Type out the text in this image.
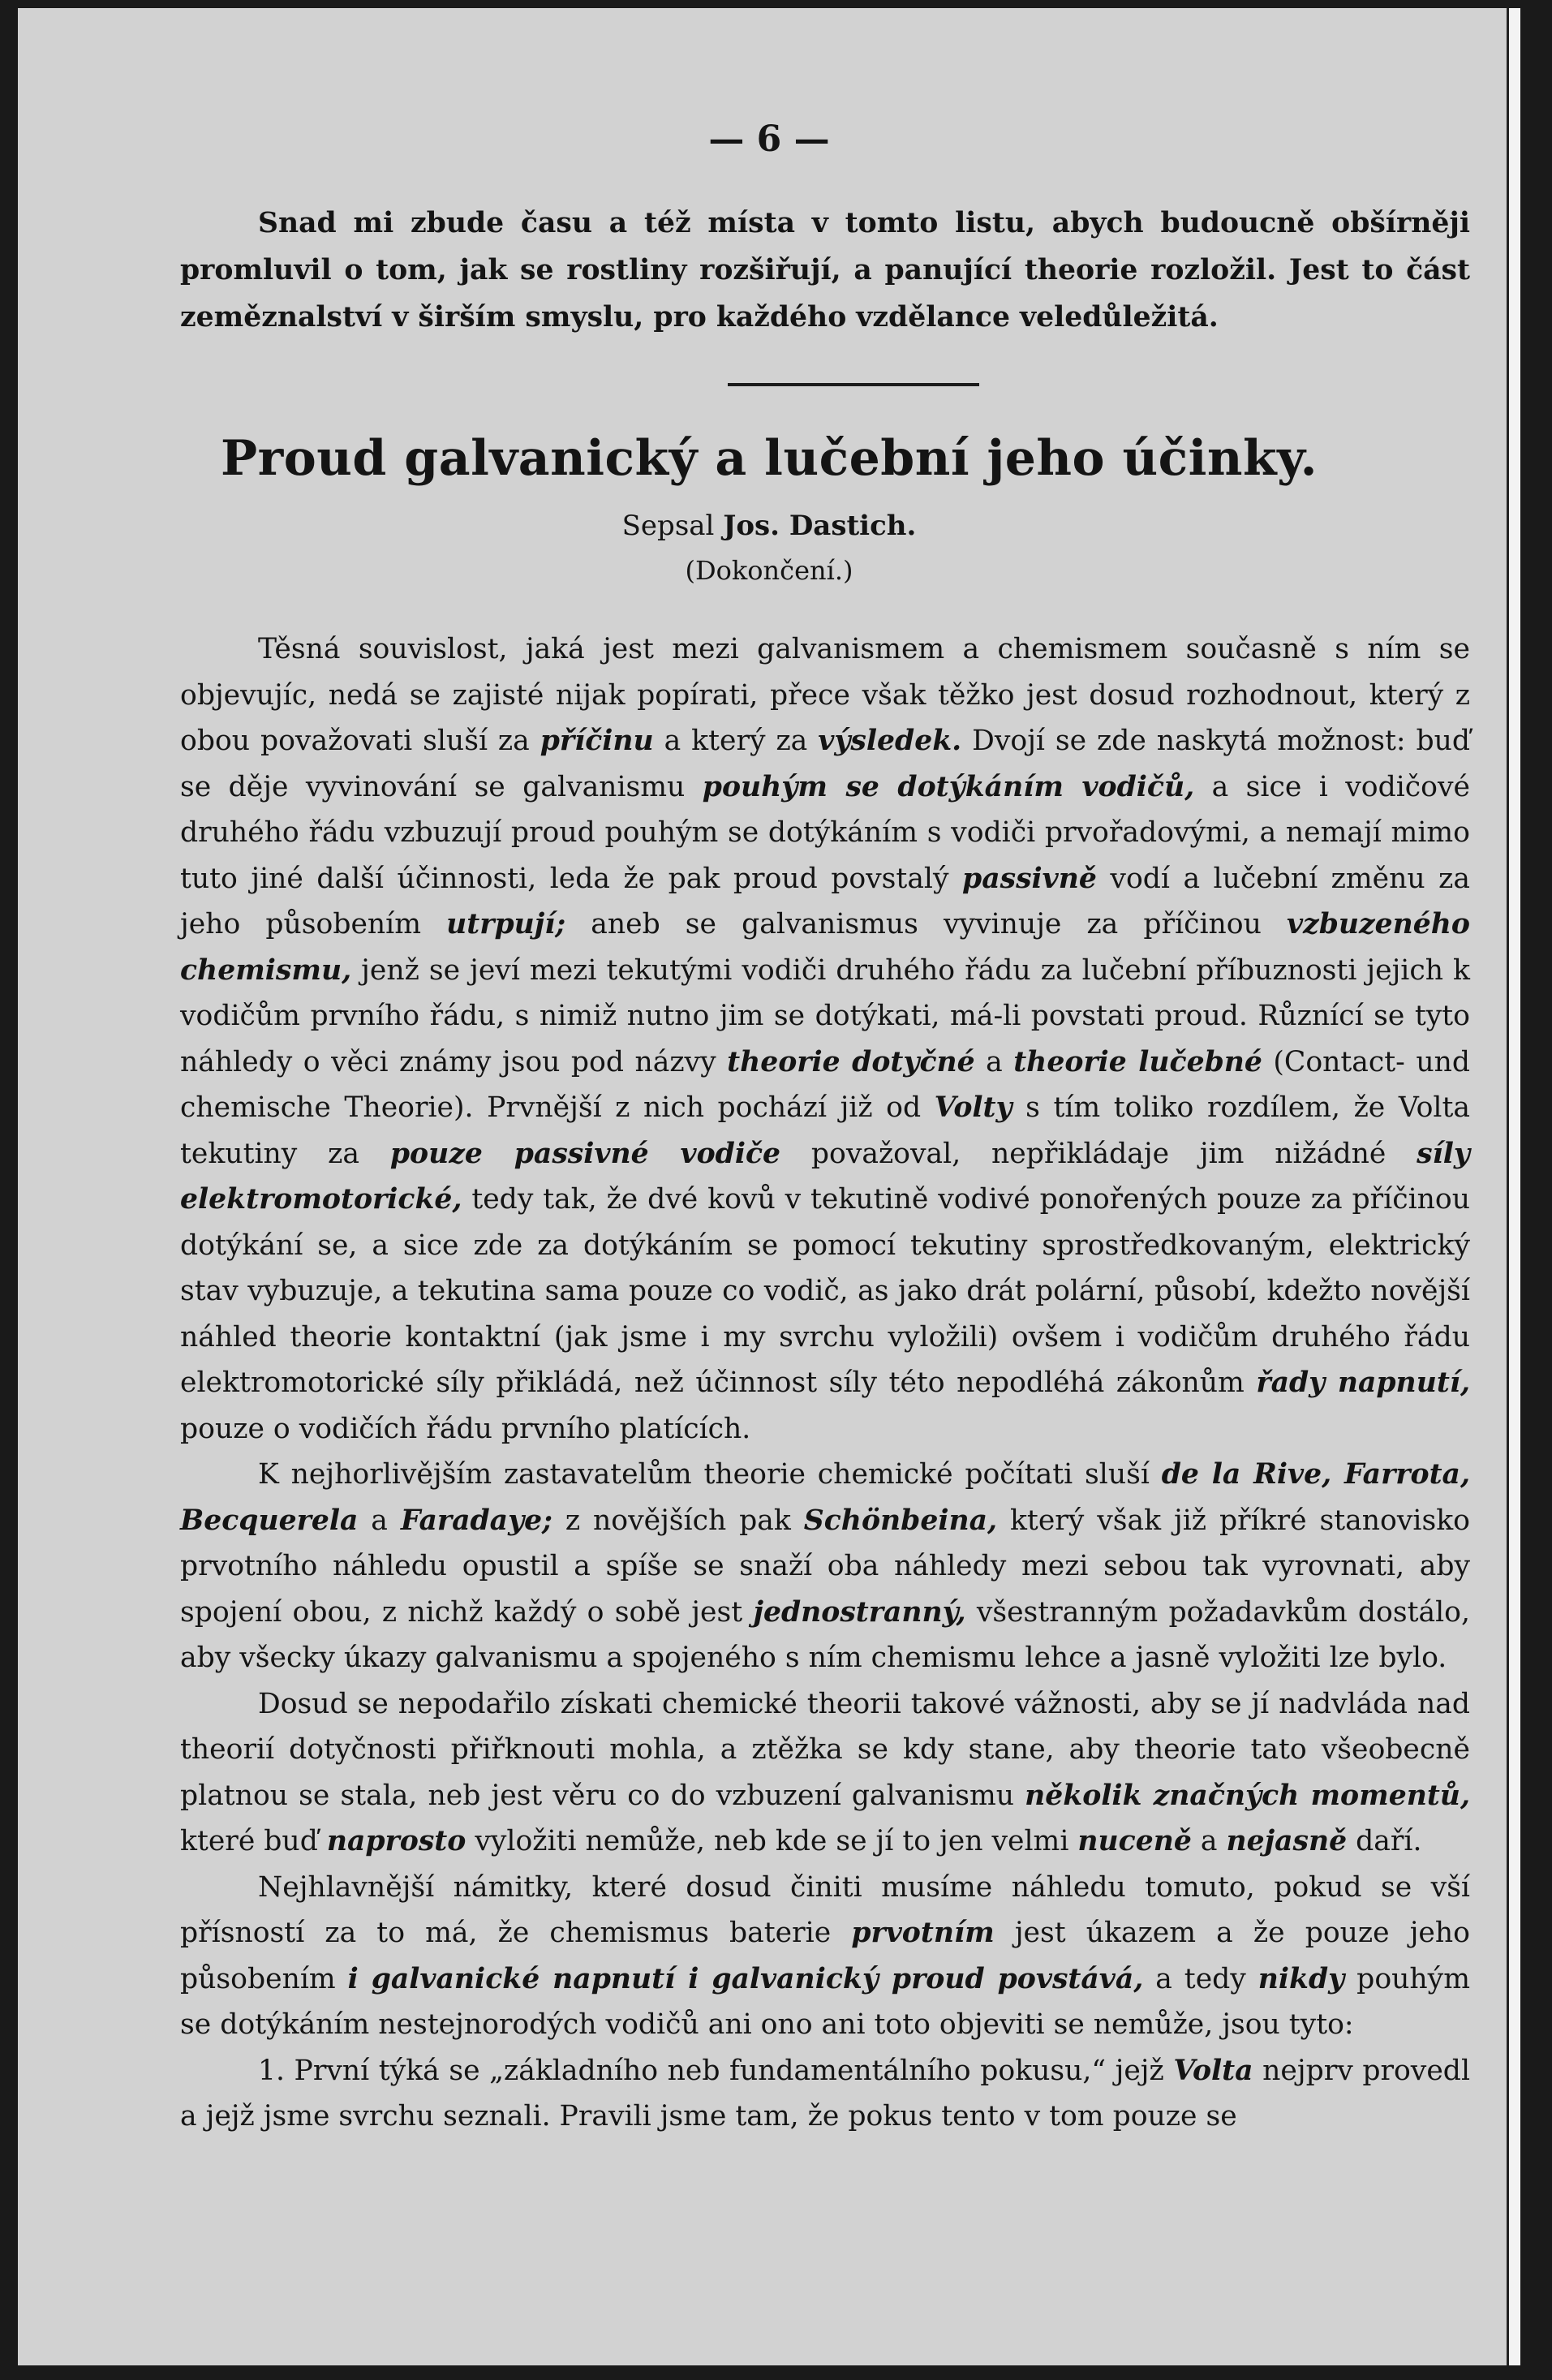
— 6 —

Snad mi zbude času a též místa v tomto listu, abych budoucně obšírněji promluvil o tom, jak se rostliny rozšiřují, a panující theorie rozložil. Jest to část zeměznalství v širším smyslu, pro každého vzdělance veledůležitá.

Proud galvanický a lučební jeho účinky.
Sepsal Jos. Dastich.
(Dokončení.)

Těsná souvislost, jaká jest mezi galvanismem a chemismem současně s ním se objevujíc, nedá se zajisté nijak popírati, přece však těžko jest dosud rozhodnout, který z obou považovati sluší za příčinu a který za výsledek. Dvojí se zde naskytá možnost: buď se děje vyvinování se galvanismu pouhým se dotýkáním vodičů, a sice i vodičové druhého řádu vzbuzují proud pouhým se dotýkáním s vodiči prvořadovými, a nemají mimo tuto jiné další účinnosti, leda že pak proud povstalý passivně vodí a lučební změnu za jeho působením utrpují; aneb se galvanismus vyvinuje za příčinou vzbuzeného chemismu, jenž se jeví mezi tekutými vodiči druhého řádu za lučební příbuznosti jejich k vodičům prvního řádu, s nimiž nutno jim se dotýkati, má-li povstati proud. Různící se tyto náhledy o věci známy jsou pod názvy theorie dotyčné a theorie lučebné (Contact- und chemische Theorie). Prvnější z nich pochází již od Volty s tím toliko rozdílem, že Volta tekutiny za pouze passivné vodiče považoval, nepřikládaje jim nižádné síly elektromotorické, tedy tak, že dvé kovů v tekutině vodivé ponořených pouze za příčinou dotýkání se, a sice zde za dotýkáním se pomocí tekutiny sprostředkovaným, elektrický stav vybuzuje, a tekutina sama pouze co vodič, as jako drát polární, působí, kdežto novější náhled theorie kontaktní (jak jsme i my svrchu vyložili) ovšem i vodičům druhého řádu elektromotorické síly přikládá, než účinnost síly této nepodléhá zákonům řady napnutí, pouze o vodičích řádu prvního platících.

K nejhorlivějším zastavatelům theorie chemické počítati sluší de la Rive, Farrota, Becquerela a Faradaye; z novějších pak Schönbeina, který však již příkré stanovisko prvotního náhledu opustil a spíše se snaží oba náhledy mezi sebou tak vyrovnati, aby spojení obou, z nichž každý o sobě jest jednostranný, všestranným požadavkům dostálo, aby všecky úkazy galvanismu a spojeného s ním chemismu lehce a jasně vyložiti lze bylo.

Dosud se nepodařilo získati chemické theorii takové vážnosti, aby se jí nadvláda nad theorií dotyčnosti přiřknouti mohla, a ztěžka se kdy stane, aby theorie tato všeobecně platnou se stala, neb jest věru co do vzbuzení galvanismu několik značných momentů, které buď naprosto vyložiti nemůže, neb kde se jí to jen velmi nuceně a nejasně daří.

Nejhlavnější námitky, které dosud činiti musíme náhledu tomuto, pokud se vší přísností za to má, že chemismus baterie prvotním jest úkazem a že pouze jeho působením i galvanické napnutí i galvanický proud povstává, a tedy nikdy pouhým se dotýkáním nestejnorodých vodičů ani ono ani toto objeviti se nemůže, jsou tyto:

1. První týká se „základního neb fundamentálního pokusu,“ jejž Volta nejprv provedl a jejž jsme svrchu seznali. Pravili jsme tam, že pokus tento v tom pouze se
